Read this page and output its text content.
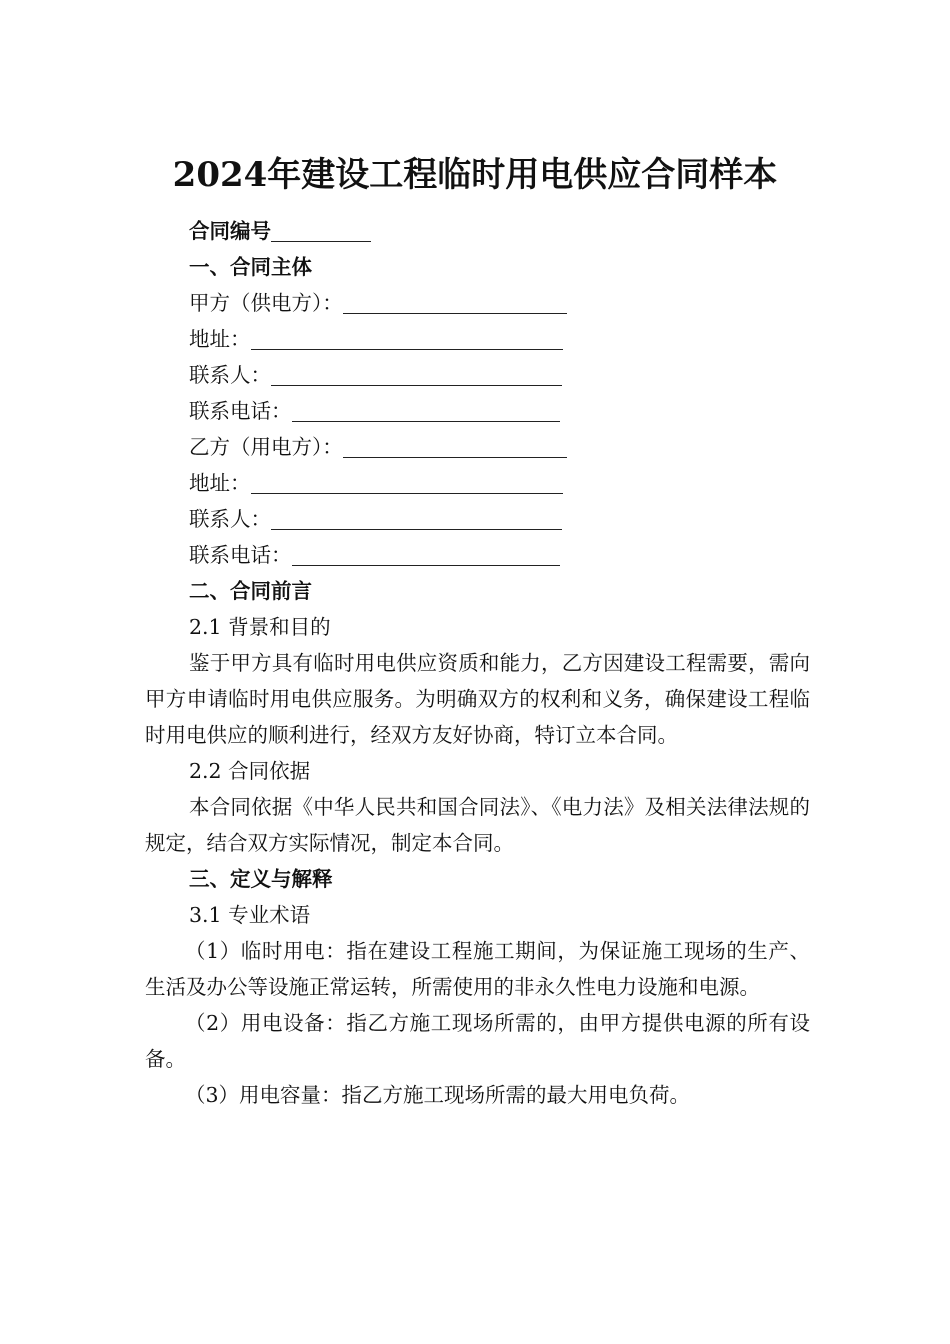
2024年建设工程临时用电供应合同样本
合同编号
一、合同主体
甲方（供电方）：
地址：
联系人：
联系电话：
乙方（用电方）：
地址：
联系人：
联系电话：
二、合同前言
2.1 背景和目的

鉴于甲方具有临时用电供应资质和能力，乙方因建设工程需要，需向甲方申请临时用电供应服务。为明确双方的权利和义务，确保建设工程临时用电供应的顺利进行，经双方友好协商，特订立本合同。

2.2 合同依据

本合同依据《中华人民共和国合同法》、《电力法》及相关法律法规的规定，结合双方实际情况，制定本合同。

三、定义与解释
3.1 专业术语

（1）临时用电：指在建设工程施工期间，为保证施工现场的生产、生活及办公等设施正常运转，所需使用的非永久性电力设施和电源。

（2）用电设备：指乙方施工现场所需的，由甲方提供电源的所有设备。

（3）用电容量：指乙方施工现场所需的最大用电负荷。
